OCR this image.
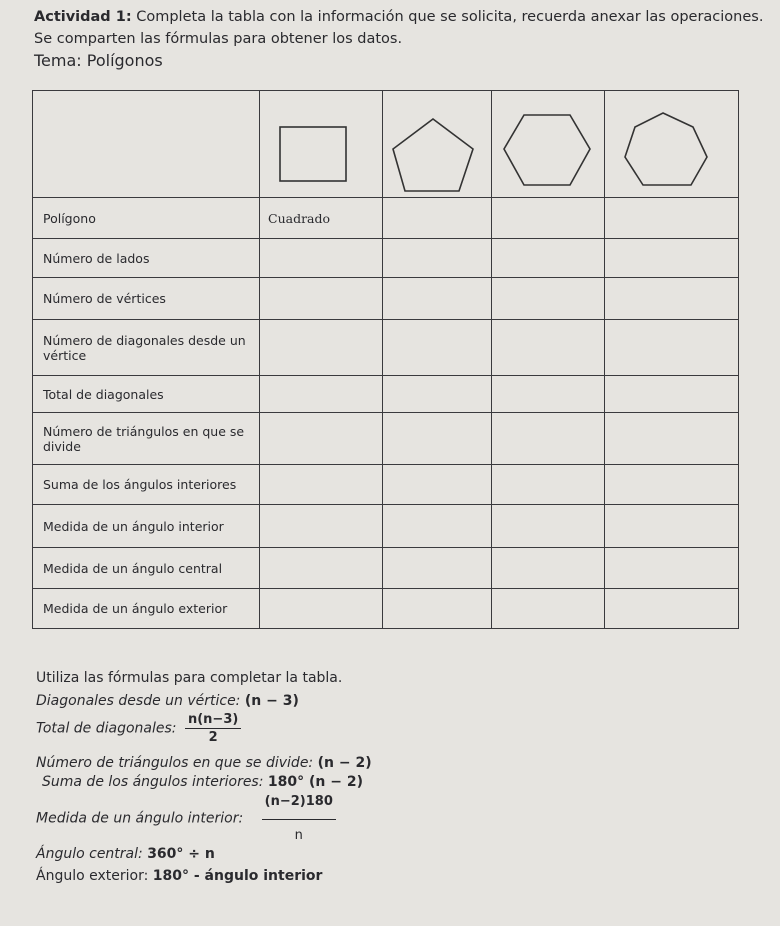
Actividad 1: Completa la tabla con la información que se solicita, recuerda anexar las operaciones.
Se comparten las fórmulas para obtener los datos.
Tema: Polígonos

Polígono	Cuadrado			
Número de lados				
Número de vértices				
Número de diagonales desde un vértice				
Total de diagonales				
Número de triángulos en que se divide				
Suma de los ángulos interiores				
Medida de un ángulo interior				
Medida de un ángulo central				
Medida de un ángulo exterior				
Utiliza las fórmulas para completar la tabla.
Diagonales desde un vértice: (n − 3)
Total de diagonales: $\frac{n(n-3)}{2}$
Número de triángulos en que se divide: (n − 2)
Suma de los ángulos interiores: 180° (n − 2)
Medida de un ángulo interior: $\frac{(n-2)180}{n}$
Ángulo central: 360° ÷ n
Ángulo exterior: 180° - ángulo interior
